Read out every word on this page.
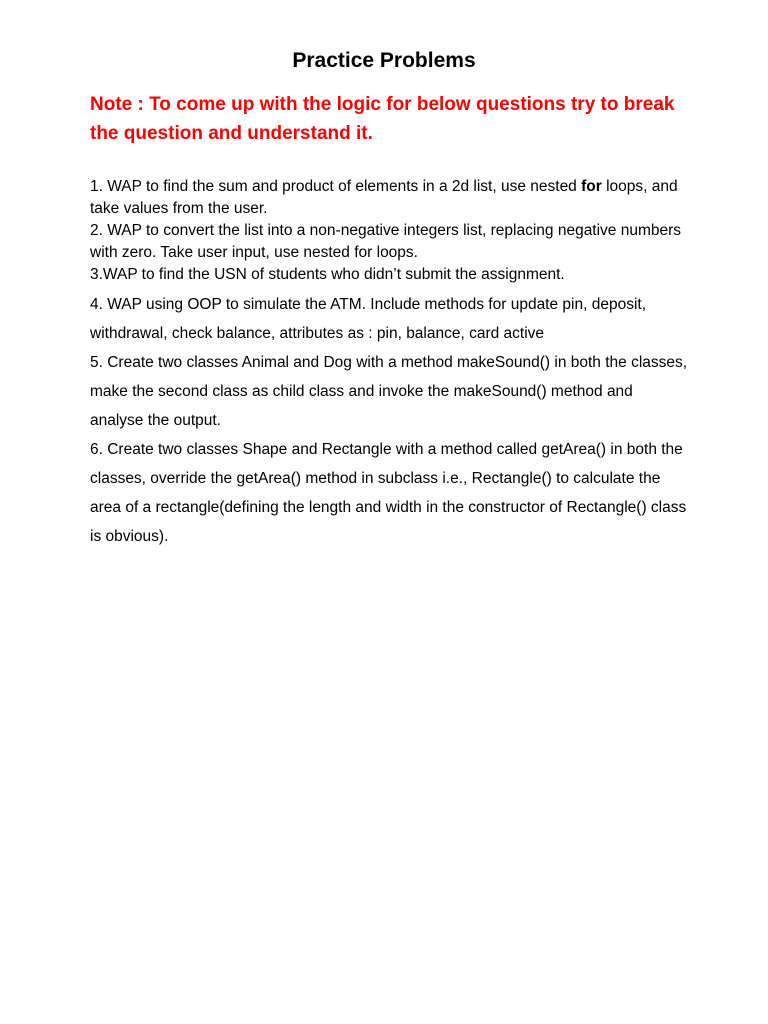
Practice Problems
Note : To come up with the logic for below questions try to break the question and understand it.
1. WAP to find the sum and product of elements in a 2d list, use nested for loops, and take values from the user.
2. WAP to convert the list into a non-negative integers list, replacing negative numbers with zero. Take user input, use nested for loops.
3.WAP to find the USN of students who didn’t submit the assignment.
4. WAP using OOP to simulate the ATM. Include methods for update pin, deposit, withdrawal, check balance, attributes as : pin, balance, card active
5. Create two classes Animal and Dog with a method makeSound() in both the classes, make the second class as child class and invoke the makeSound() method and analyse the output.
6. Create two classes Shape and Rectangle with a method called getArea() in both the classes, override the getArea() method in subclass i.e., Rectangle() to calculate the area of a rectangle(defining the length and width in the constructor of Rectangle() class is obvious).
